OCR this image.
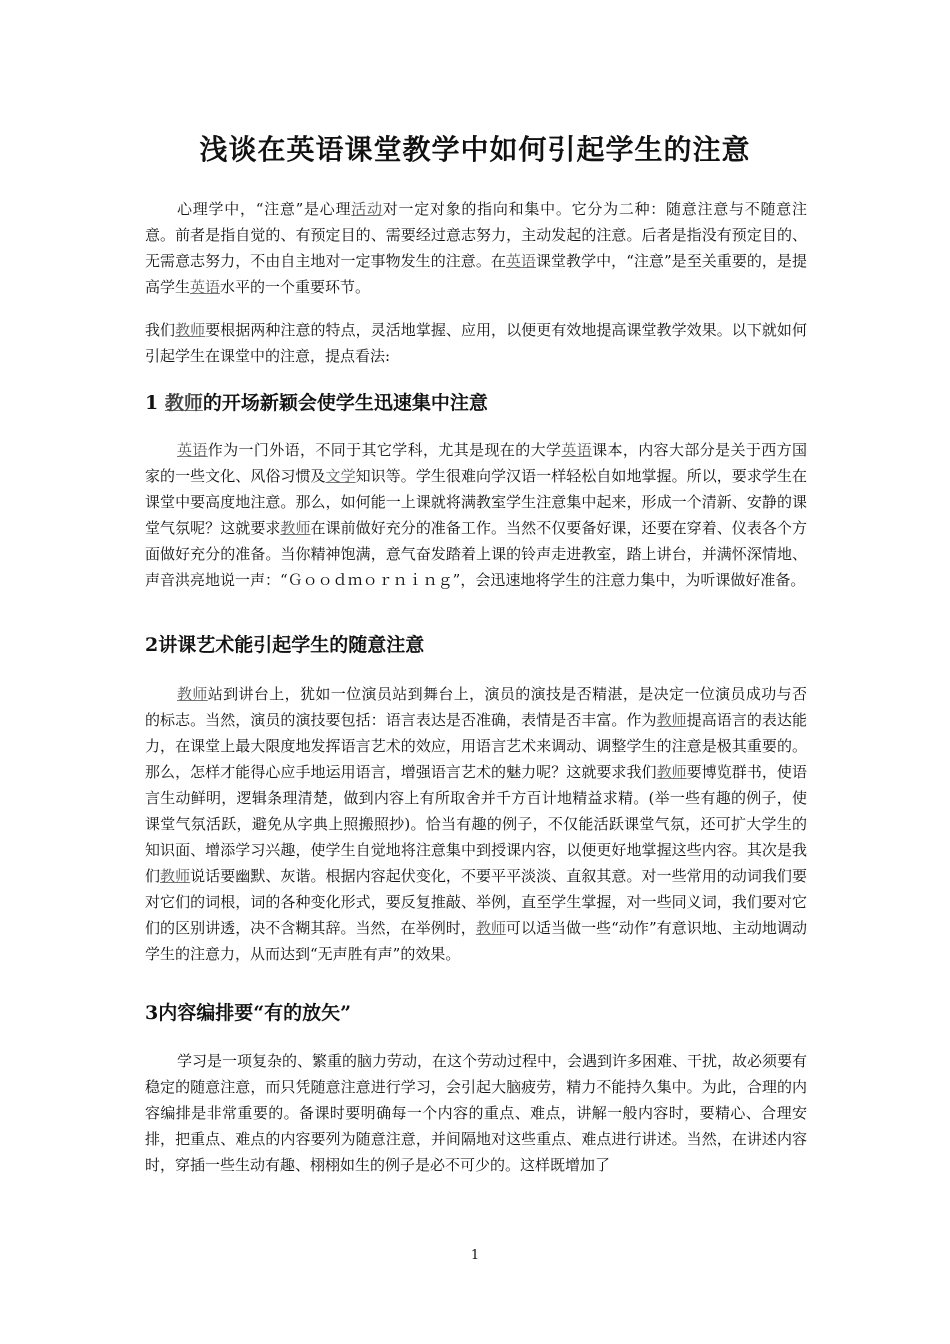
浅谈在英语课堂教学中如何引起学生的注意

心理学中，“注意”是心理活动对一定对象的指向和集中。它分为二种：随意注意与不随意注意。前者是指自觉的、有预定目的、需要经过意志努力，主动发起的注意。后者是指没有预定目的、无需意志努力，不由自主地对一定事物发生的注意。在英语课堂教学中，“注意”是至关重要的，是提高学生英语水平的一个重要环节。

我们教师要根据两种注意的特点，灵活地掌握、应用，以便更有效地提高课堂教学效果。以下就如何引起学生在课堂中的注意，提点看法:

1 教师的开场新颖会使学生迅速集中注意

英语作为一门外语，不同于其它学科，尤其是现在的大学英语课本，内容大部分是关于西方国家的一些文化、风俗习惯及文学知识等。学生很难向学汉语一样轻松自如地掌握。所以，要求学生在课堂中要高度地注意。那么，如何能一上课就将满教室学生注意集中起来，形成一个清新、安静的课堂气氛呢？这就要求教师在课前做好充分的准备工作。当然不仅要备好课，还要在穿着、仪表各个方面做好充分的准备。当你精神饱满，意气奋发踏着上课的铃声走进教室，踏上讲台，并满怀深情地、声音洪亮地说一声：“Ｇｏｏｄｍｏｒｎｉｎｇ”，会迅速地将学生的注意力集中，为听课做好准备。

2讲课艺术能引起学生的随意注意

教师站到讲台上，犹如一位演员站到舞台上，演员的演技是否精湛，是决定一位演员成功与否的标志。当然，演员的演技要包括：语言表达是否准确，表情是否丰富。作为教师提高语言的表达能力，在课堂上最大限度地发挥语言艺术的效应，用语言艺术来调动、调整学生的注意是极其重要的。那么，怎样才能得心应手地运用语言，增强语言艺术的魅力呢？这就要求我们教师要博览群书，使语言生动鲜明，逻辑条理清楚，做到内容上有所取舍并千方百计地精益求精。(举一些有趣的例子，使课堂气氛活跃，避免从字典上照搬照抄)。恰当有趣的例子，不仅能活跃课堂气氛，还可扩大学生的知识面、增添学习兴趣，使学生自觉地将注意集中到授课内容，以便更好地掌握这些内容。其次是我们教师说话要幽默、灰谐。根据内容起伏变化，不要平平淡淡、直叙其意。对一些常用的动词我们要对它们的词根，词的各种变化形式，要反复推敲、举例，直至学生掌握，对一些同义词，我们要对它们的区别讲透，决不含糊其辞。当然，在举例时，教师可以适当做一些“动作”有意识地、主动地调动学生的注意力，从而达到“无声胜有声”的效果。

3内容编排要“有的放矢”

学习是一项复杂的、繁重的脑力劳动，在这个劳动过程中，会遇到许多困难、干扰，故必须要有稳定的随意注意，而只凭随意注意进行学习，会引起大脑疲劳，精力不能持久集中。为此，合理的内容编排是非常重要的。备课时要明确每一个内容的重点、难点，讲解一般内容时，要精心、合理安排，把重点、难点的内容要列为随意注意，并间隔地对这些重点、难点进行讲述。当然，在讲述内容时，穿插一些生动有趣、栩栩如生的例子是必不可少的。这样既增加了

1
